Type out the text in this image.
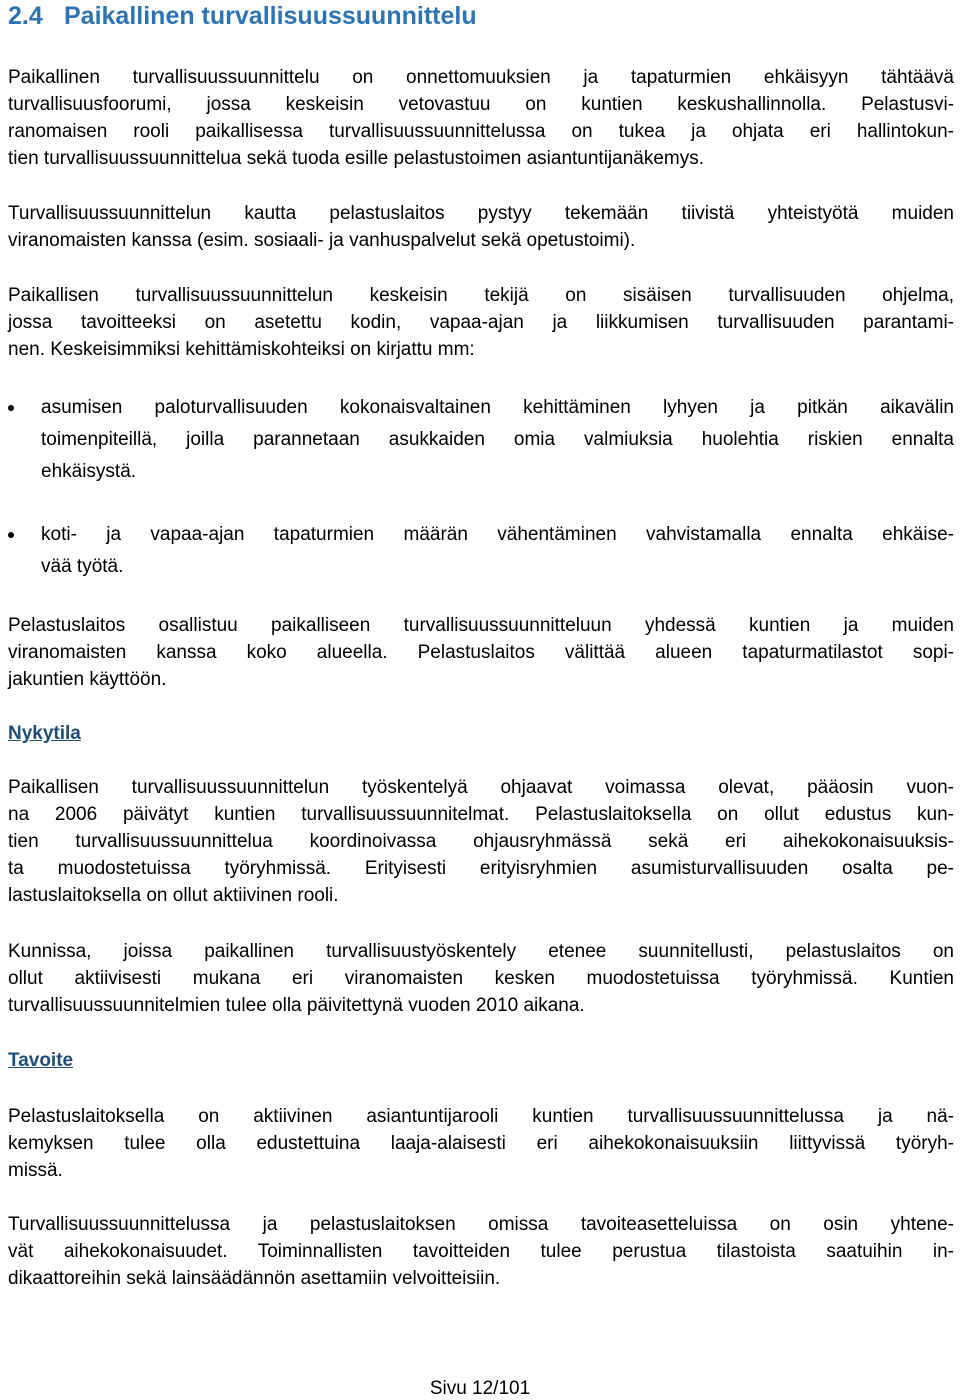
2.4 Paikallinen turvallisuussuunnittelu
Paikallinen turvallisuussuunnittelu on onnettomuuksien ja tapaturmien ehkäisyyn tähtäävä
turvallisuusfoorumi, jossa keskeisin vetovastuu on kuntien keskushallinnolla. Pelastusvi-
ranomaisen rooli paikallisessa turvallisuussuunnittelussa on tukea ja ohjata eri hallintokun-
tien turvallisuussuunnittelua sekä tuoda esille pelastustoimen asiantuntijanäkemys.
Turvallisuussuunnittelun kautta pelastuslaitos pystyy tekemään tiivistä yhteistyötä muiden
viranomaisten kanssa (esim. sosiaali- ja vanhuspalvelut sekä opetustoimi).
Paikallisen turvallisuussuunnittelun keskeisin tekijä on sisäisen turvallisuuden ohjelma,
jossa tavoitteeksi on asetettu kodin, vapaa-ajan ja liikkumisen turvallisuuden parantami-
nen. Keskeisimmiksi kehittämiskohteiksi on kirjattu mm:
asumisen paloturvallisuuden kokonaisvaltainen kehittäminen lyhyen ja pitkän aikavälin
toimenpiteillä, joilla parannetaan asukkaiden omia valmiuksia huolehtia riskien ennalta
ehkäisystä.
koti- ja vapaa-ajan tapaturmien määrän vähentäminen vahvistamalla ennalta ehkäise-
vää työtä.
Pelastuslaitos osallistuu paikalliseen turvallisuussuunnitteluun yhdessä kuntien ja muiden
viranomaisten kanssa koko alueella. Pelastuslaitos välittää alueen tapaturmatilastot sopi-
jakuntien käyttöön.
Nykytila
Paikallisen turvallisuussuunnittelun työskentelyä ohjaavat voimassa olevat, pääosin vuon-
na 2006 päivätyt kuntien turvallisuussuunnitelmat. Pelastuslaitoksella on ollut edustus kun-
tien turvallisuussuunnittelua koordinoivassa ohjausryhmässä sekä eri aihekokonaisuuksis-
ta muodostetuissa työryhmissä. Erityisesti erityisryhmien asumisturvallisuuden osalta pe-
lastuslaitoksella on ollut aktiivinen rooli.
Kunnissa, joissa paikallinen turvallisuustyöskentely etenee suunnitellusti, pelastuslaitos on
ollut aktiivisesti mukana eri viranomaisten kesken muodostetuissa työryhmissä. Kuntien
turvallisuussuunnitelmien tulee olla päivitettynä vuoden 2010 aikana.
Tavoite
Pelastuslaitoksella on aktiivinen asiantuntijarooli kuntien turvallisuussuunnittelussa ja nä-
kemyksen tulee olla edustettuina laaja-alaisesti eri aihekokonaisuuksiin liittyvissä työryh-
missä.
Turvallisuussuunnittelussa ja pelastuslaitoksen omissa tavoiteasetteluissa on osin yhtene-
vät aihekokonaisuudet. Toiminnallisten tavoitteiden tulee perustua tilastoista saatuihin in-
dikaattoreihin sekä lainsäädännön asettamiin velvoitteisiin.
Sivu 12/101
